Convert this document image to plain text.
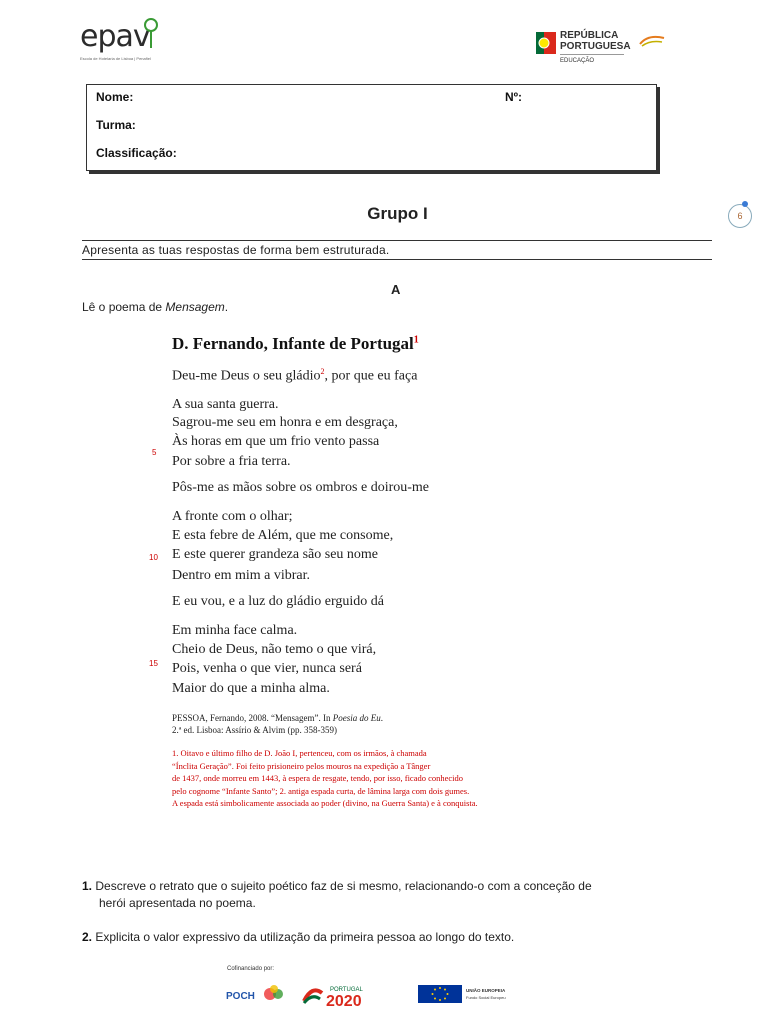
epav
Escola de Hotelaria de Lisboa | Penafiel
REPÚBLICA
PORTUGUESA
EDUCAÇÃO
Nome:	Nº:
Turma:
Classificação:
Grupo I	6
Apresenta as tuas respostas de forma bem estruturada.
A
Lê o poema de Mensagem.
D. Fernando, Infante de Portugal$^1$
Deu-me Deus o seu gládio$^2$, por que eu faça
A sua santa guerra.
Sagrou-me seu em honra e em desgraça,
Às horas em que um frio vento passa
Por sobre a fria terra.
Pôs-me as mãos sobre os ombros e doirou-me
A fronte com o olhar;
E esta febre de Além, que me consome,
E este querer grandeza são seu nome
Dentro em mim a vibrar.
E eu vou, e a luz do gládio erguido dá
Em minha face calma.
Cheio de Deus, não temo o que virá,
Pois, venha o que vier, nunca será
Maior do que a minha alma.
5
10
15
PESSOA, Fernando, 2008. “Mensagem”. In Poesia do Eu.
2.ª ed. Lisboa: Assírio & Alvim (pp. 358-359)
1. Oitavo e último filho de D. João I, pertenceu, com os irmãos, à chamada
“Ínclita Geração”. Foi feito prisioneiro pelos mouros na expedição a Tânger
de 1437, onde morreu em 1443, à espera de resgate, tendo, por isso, ficado conhecido
pelo cognome “Infante Santo”; 2. antiga espada curta, de lâmina larga com dois gumes.
A espada está simbolicamente associada ao poder (divino, na Guerra Santa) e à conquista.
1. Descreve o retrato que o sujeito poético faz de si mesmo, relacionando-o com a conceção de
herói apresentada no poema.
2. Explicita o valor expressivo da utilização da primeira pessoa ao longo do texto.
Cofinanciado por:
POCH
PORTUGAL
2020
UNIÃO EUROPEIA
Fundo Social Europeu
